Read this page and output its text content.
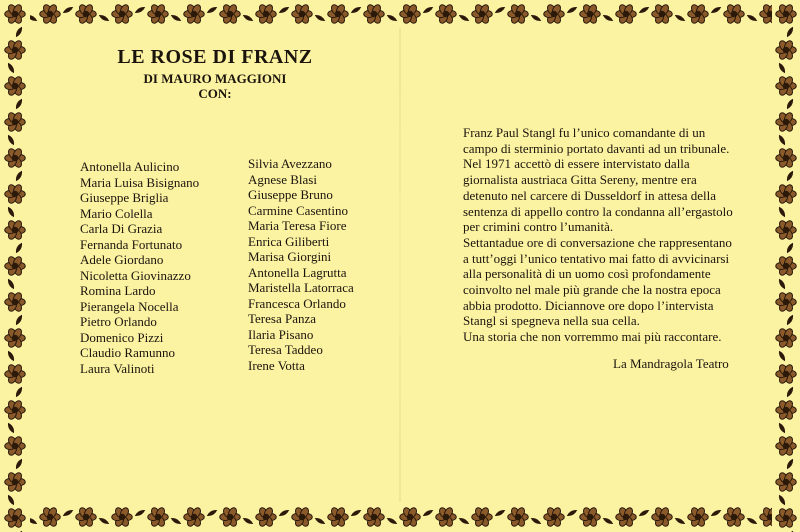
LE ROSE DI FRANZ
DI MAURO MAGGIONI
CON:
Antonella Aulicino
Maria Luisa Bisignano
Giuseppe Briglia
Mario Colella
Carla Di Grazia
Fernanda Fortunato
Adele Giordano
Nicoletta Giovinazzo
Romina Lardo
Pierangela Nocella
Pietro Orlando
Domenico Pizzi
Claudio Ramunno
Laura Valinoti
Silvia Avezzano
Agnese Blasi
Giuseppe Bruno
Carmine Casentino
Maria Teresa Fiore
Enrica Giliberti
Marisa Giorgini
Antonella Lagrutta
Maristella Latorraca
Francesca Orlando
Teresa Panza
Ilaria Pisano
Teresa Taddeo
Irene Votta
Franz Paul Stangl fu l’unico comandante di un
campo di sterminio portato davanti ad un tribunale.
Nel 1971 accettò di essere intervistato dalla
giornalista austriaca Gitta Sereny, mentre era
detenuto nel carcere di Dusseldorf in attesa della
sentenza di appello contro la condanna all’ergastolo
per crimini contro l’umanità.
Settantadue ore di conversazione che rappresentano
a tutt’oggi l’unico tentativo mai fatto di avvicinarsi
alla personalità di un uomo così profondamente
coinvolto nel male più grande che la nostra epoca
abbia prodotto. Diciannove ore dopo l’intervista
Stangl si spegneva nella sua cella.
Una storia che non vorremmo mai più raccontare.
La Mandragola Teatro
